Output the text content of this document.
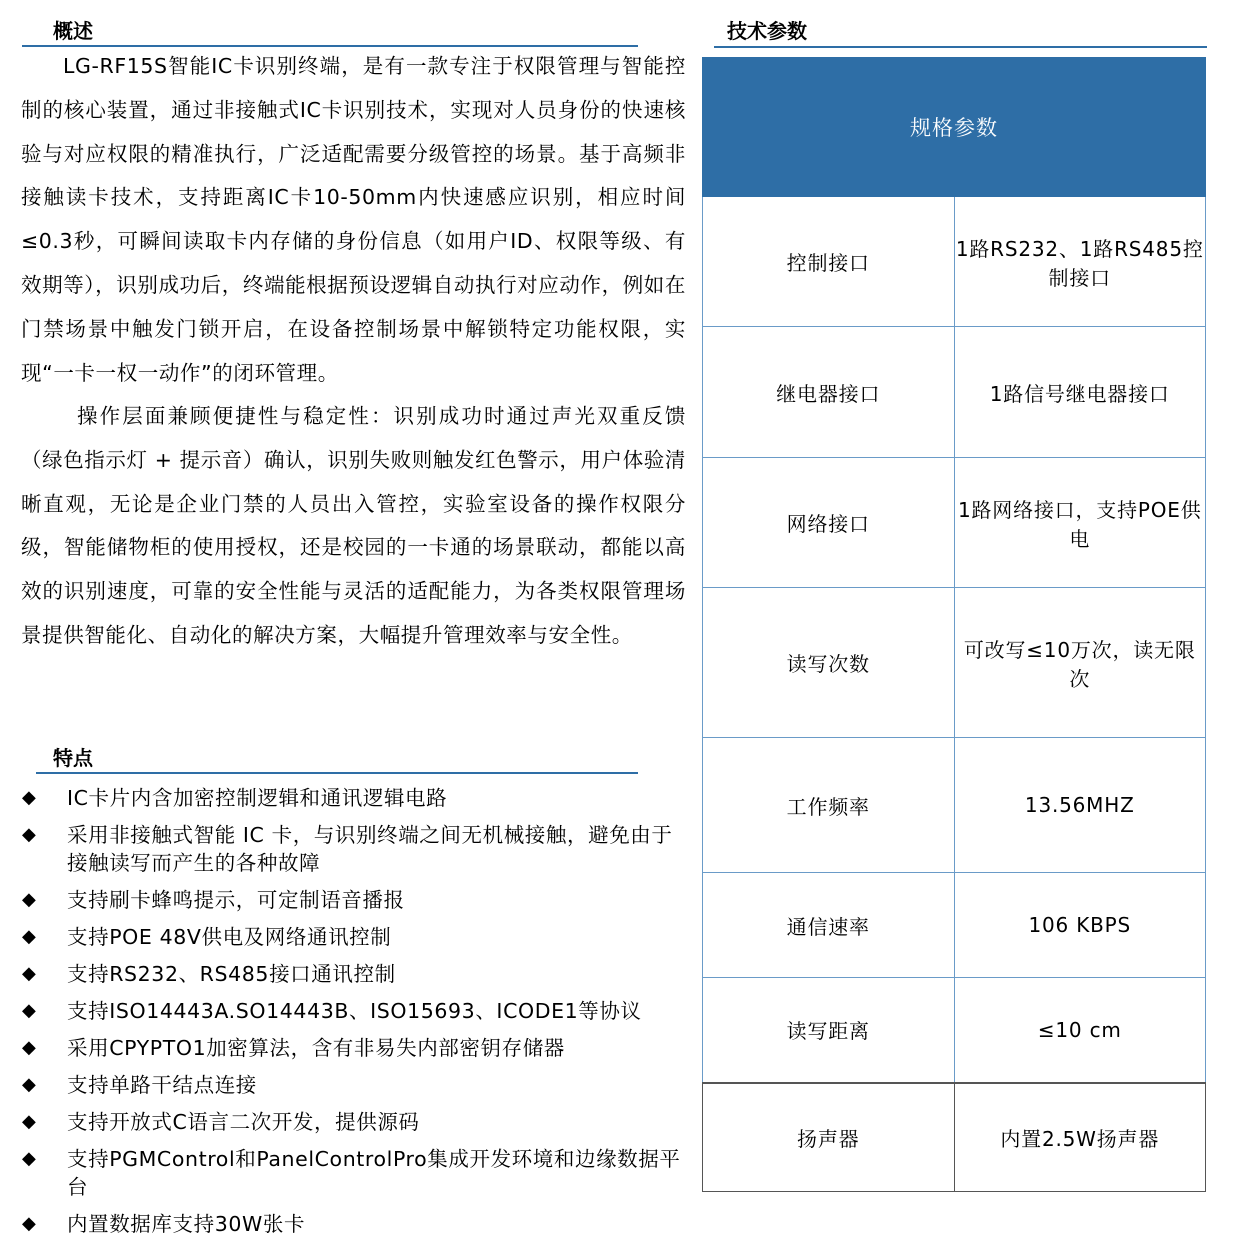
概述

LG-RF15S智能IC卡识别终端，是有一款专注于权限管理与智能控制的核心装置，通过非接触式IC卡识别技术，实现对人员身份的快速核验与对应权限的精准执行，广泛适配需要分级管控的场景。基于高频非接触读卡技术，支持距离IC卡10-50mm内快速感应识别，相应时间≤0.3秒，可瞬间读取卡内存储的身份信息（如用户ID、权限等级、有效期等），识别成功后，终端能根据预设逻辑自动执行对应动作，例如在门禁场景中触发门锁开启，在设备控制场景中解锁特定功能权限，实现“一卡一权一动作”的闭环管理。

操作层面兼顾便捷性与稳定性：识别成功时通过声光双重反馈（绿色指示灯 + 提示音）确认，识别失败则触发红色警示，用户体验清晰直观，无论是企业门禁的人员出入管控，实验室设备的操作权限分级，智能储物柜的使用授权，还是校园的一卡通的场景联动，都能以高效的识别速度，可靠的安全性能与灵活的适配能力，为各类权限管理场景提供智能化、自动化的解决方案，大幅提升管理效率与安全性。

特点
◆ IC卡片内含加密控制逻辑和通讯逻辑电路
◆ 采用非接触式智能 IC 卡，与识别终端之间无机械接触，避免由于接触读写而产生的各种故障
◆ 支持刷卡蜂鸣提示，可定制语音播报
◆ 支持POE 48V供电及网络通讯控制
◆ 支持RS232、RS485接口通讯控制
◆ 支持ISO14443A.SO14443B、ISO15693、ICODE1等协议
◆ 采用CPYPTO1加密算法，含有非易失内部密钥存储器
◆ 支持单路干结点连接
◆ 支持开放式C语言二次开发，提供源码
◆ 支持PGMControl和PanelControlPro集成开发环境和边缘数据平台
◆ 内置数据库支持30W张卡
技术参数
规格参数	
控制接口	1路RS232、1路RS485控制接口
继电器接口	1路信号继电器接口
网络接口	1路网络接口，支持POE供电
读写次数	可改写≤10万次，读无限次
工作频率	13.56MHZ
通信速率	106 KBPS
读写距离	≤10 cm
扬声器	内置2.5W扬声器
